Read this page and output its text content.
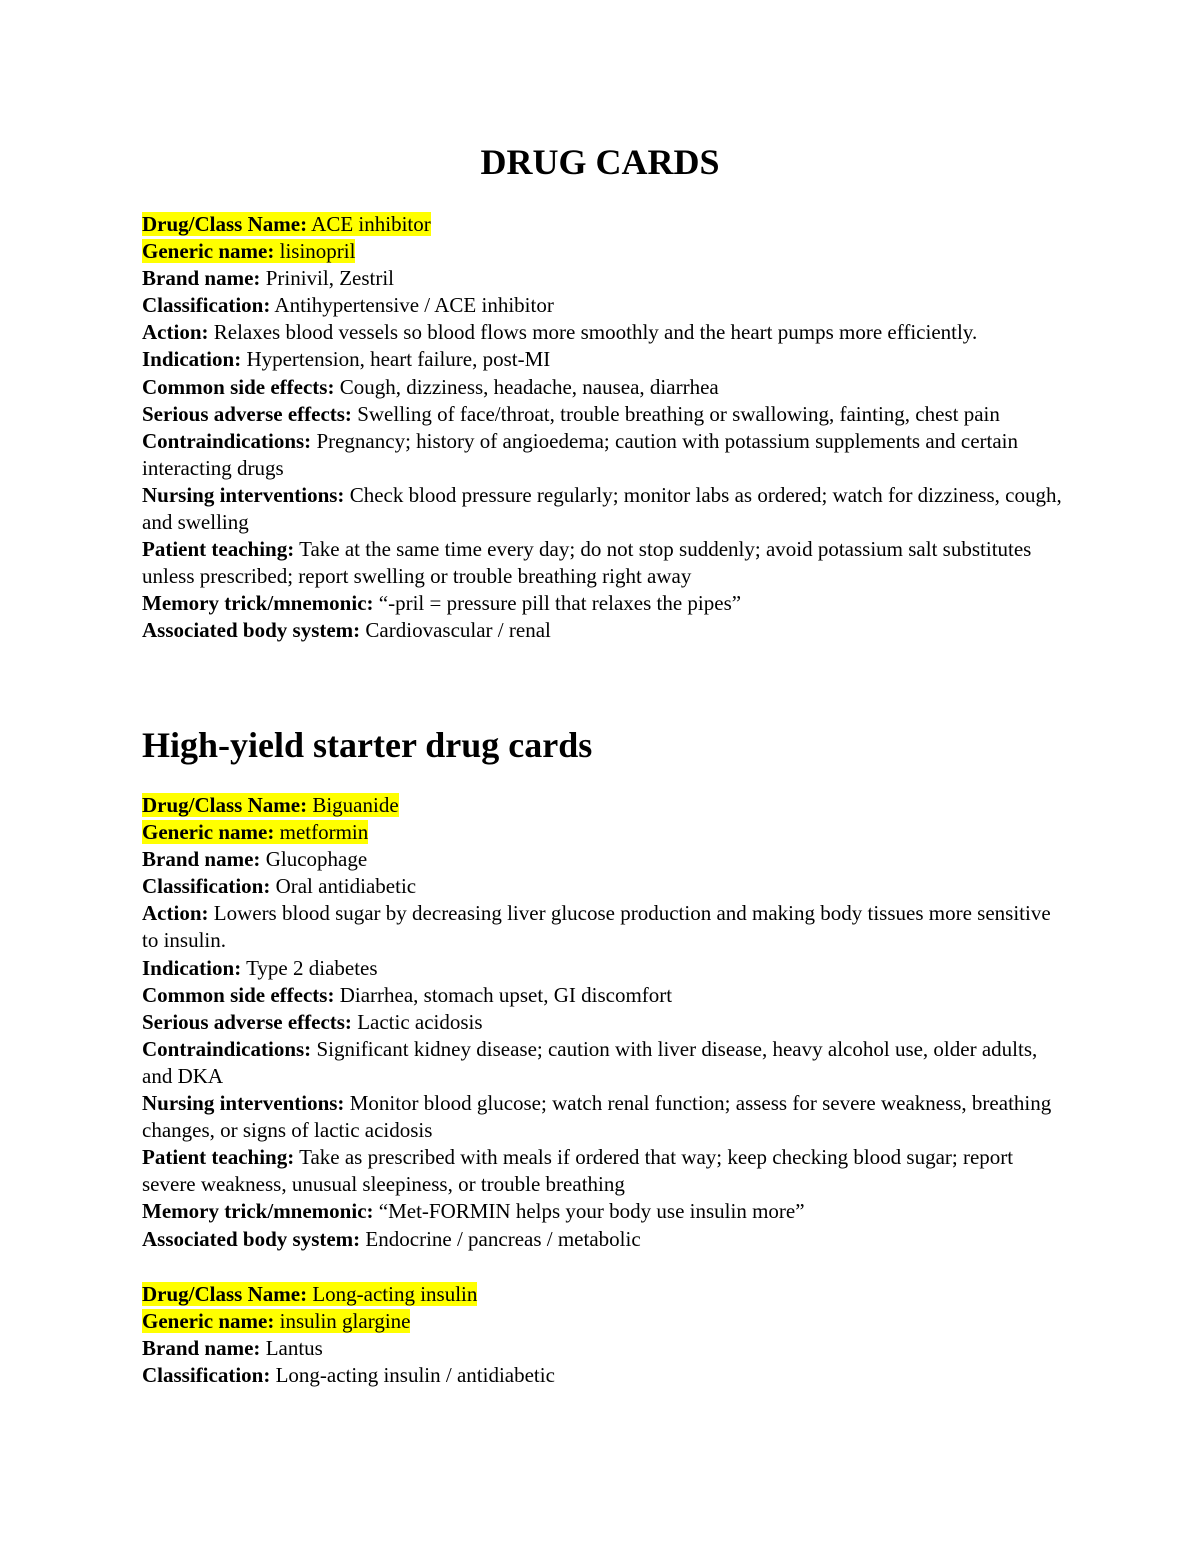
DRUG CARDS

Drug/Class Name: ACE inhibitor

Generic name: lisinopril

Brand name: Prinivil, Zestril

Classification: Antihypertensive / ACE inhibitor

Action: Relaxes blood vessels so blood flows more smoothly and the heart pumps more efficiently.

Indication: Hypertension, heart failure, post-MI

Common side effects: Cough, dizziness, headache, nausea, diarrhea

Serious adverse effects: Swelling of face/throat, trouble breathing or swallowing, fainting, chest pain

Contraindications: Pregnancy; history of angioedema; caution with potassium supplements and certain interacting drugs

Nursing interventions: Check blood pressure regularly; monitor labs as ordered; watch for dizziness, cough, and swelling

Patient teaching: Take at the same time every day; do not stop suddenly; avoid potassium salt substitutes unless prescribed; report swelling or trouble breathing right away

Memory trick/mnemonic: “-pril = pressure pill that relaxes the pipes”

Associated body system: Cardiovascular / renal

High-yield starter drug cards

Drug/Class Name: Biguanide

Generic name: metformin

Brand name: Glucophage

Classification: Oral antidiabetic

Action: Lowers blood sugar by decreasing liver glucose production and making body tissues more sensitive to insulin.

Indication: Type 2 diabetes

Common side effects: Diarrhea, stomach upset, GI discomfort

Serious adverse effects: Lactic acidosis

Contraindications: Significant kidney disease; caution with liver disease, heavy alcohol use, older adults, and DKA

Nursing interventions: Monitor blood glucose; watch renal function; assess for severe weakness, breathing changes, or signs of lactic acidosis

Patient teaching: Take as prescribed with meals if ordered that way; keep checking blood sugar; report severe weakness, unusual sleepiness, or trouble breathing

Memory trick/mnemonic: “Met-FORMIN helps your body use insulin more”

Associated body system: Endocrine / pancreas / metabolic

Drug/Class Name: Long-acting insulin

Generic name: insulin glargine

Brand name: Lantus

Classification: Long-acting insulin / antidiabetic
